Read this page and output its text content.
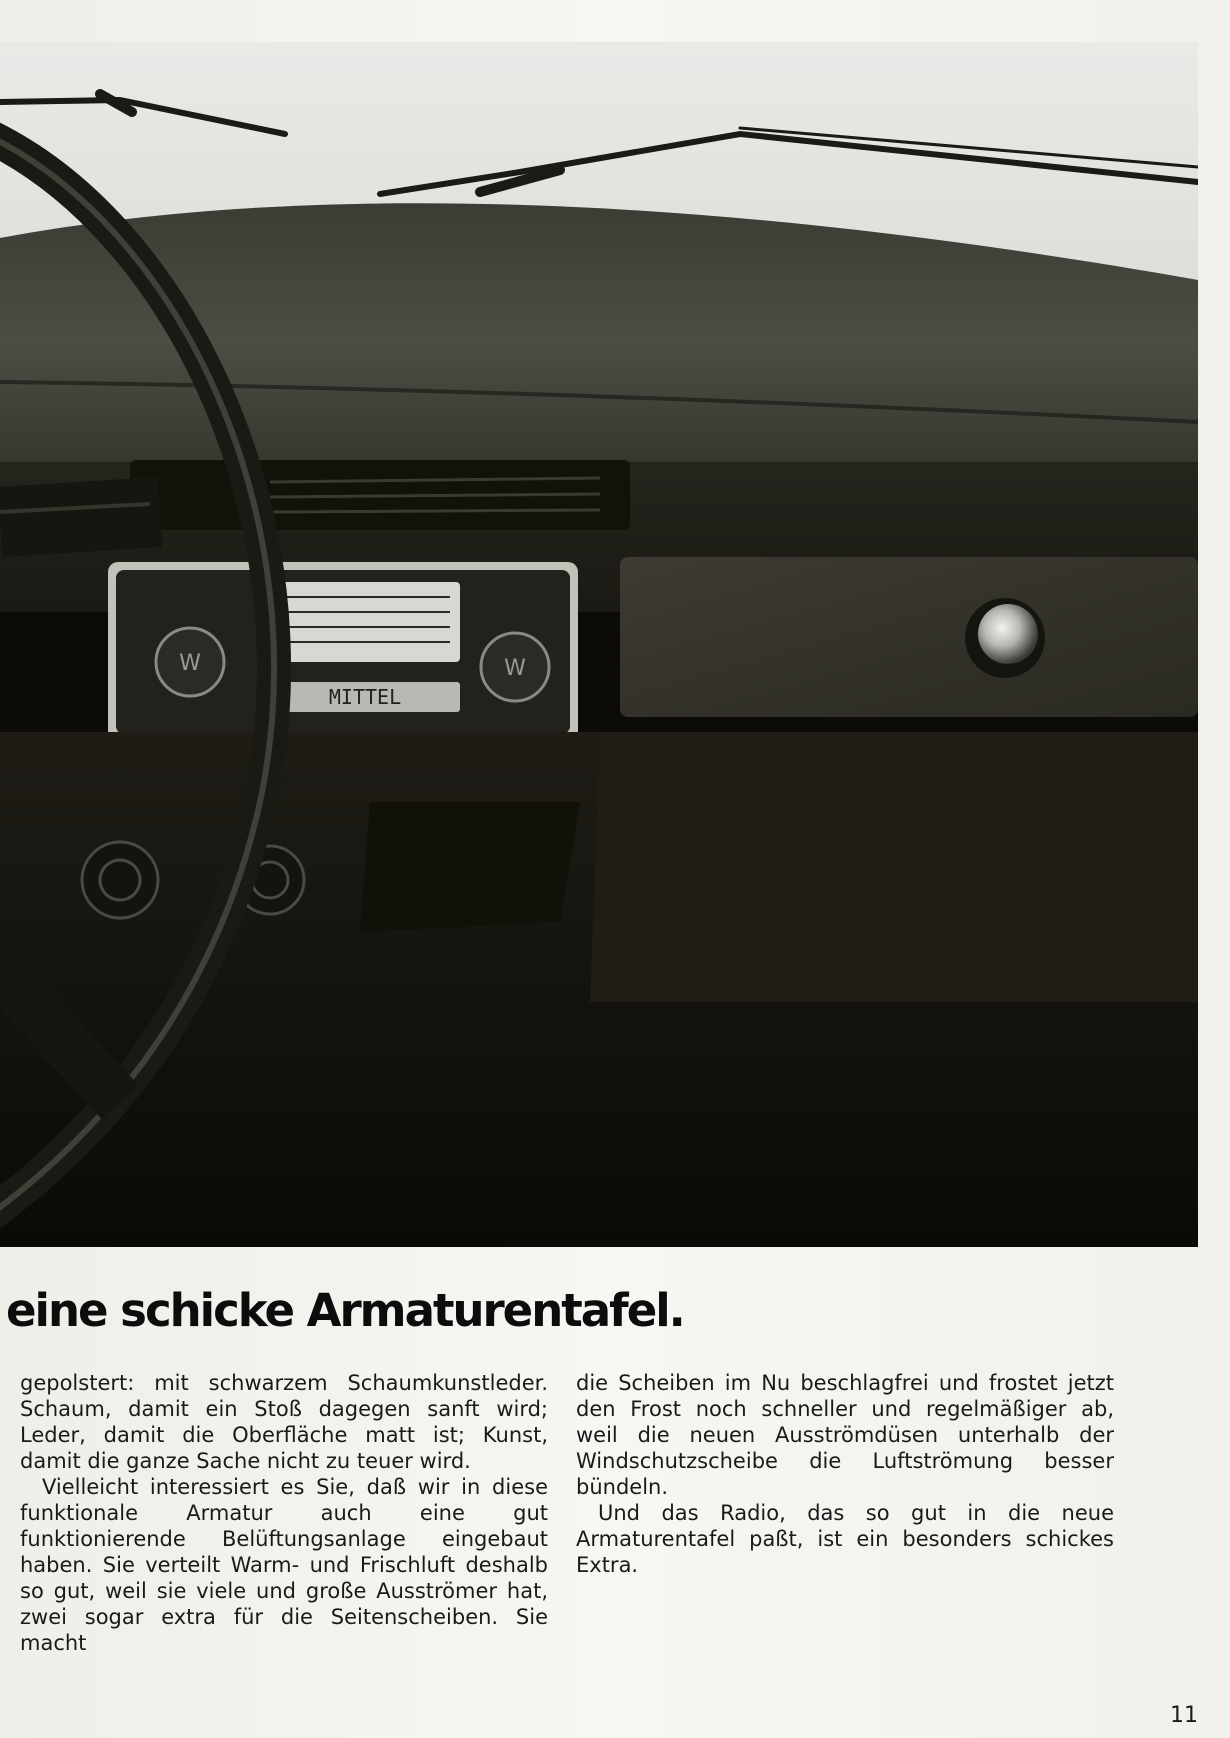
MITTEL
W	W
eine schicke Armaturentafel.

gepolstert: mit schwarzem Schaumkunstleder. Schaum, damit ein Stoß dagegen sanft wird; Leder, damit die Oberfläche matt ist; Kunst, damit die ganze Sache nicht zu teuer wird.

Vielleicht interessiert es Sie, daß wir in diese funktionale Armatur auch eine gut funktionierende Belüftungsanlage eingebaut haben. Sie verteilt Warm- und Frischluft deshalb so gut, weil sie viele und große Ausströmer hat, zwei sogar extra für die Seitenscheiben. Sie macht

die Scheiben im Nu beschlagfrei und frostet jetzt den Frost noch schneller und regelmäßiger ab, weil die neuen Ausströmdüsen unterhalb der Windschutzscheibe die Luftströmung besser bündeln.

Und das Radio, das so gut in die neue Armaturentafel paßt, ist ein besonders schickes Extra.

11
